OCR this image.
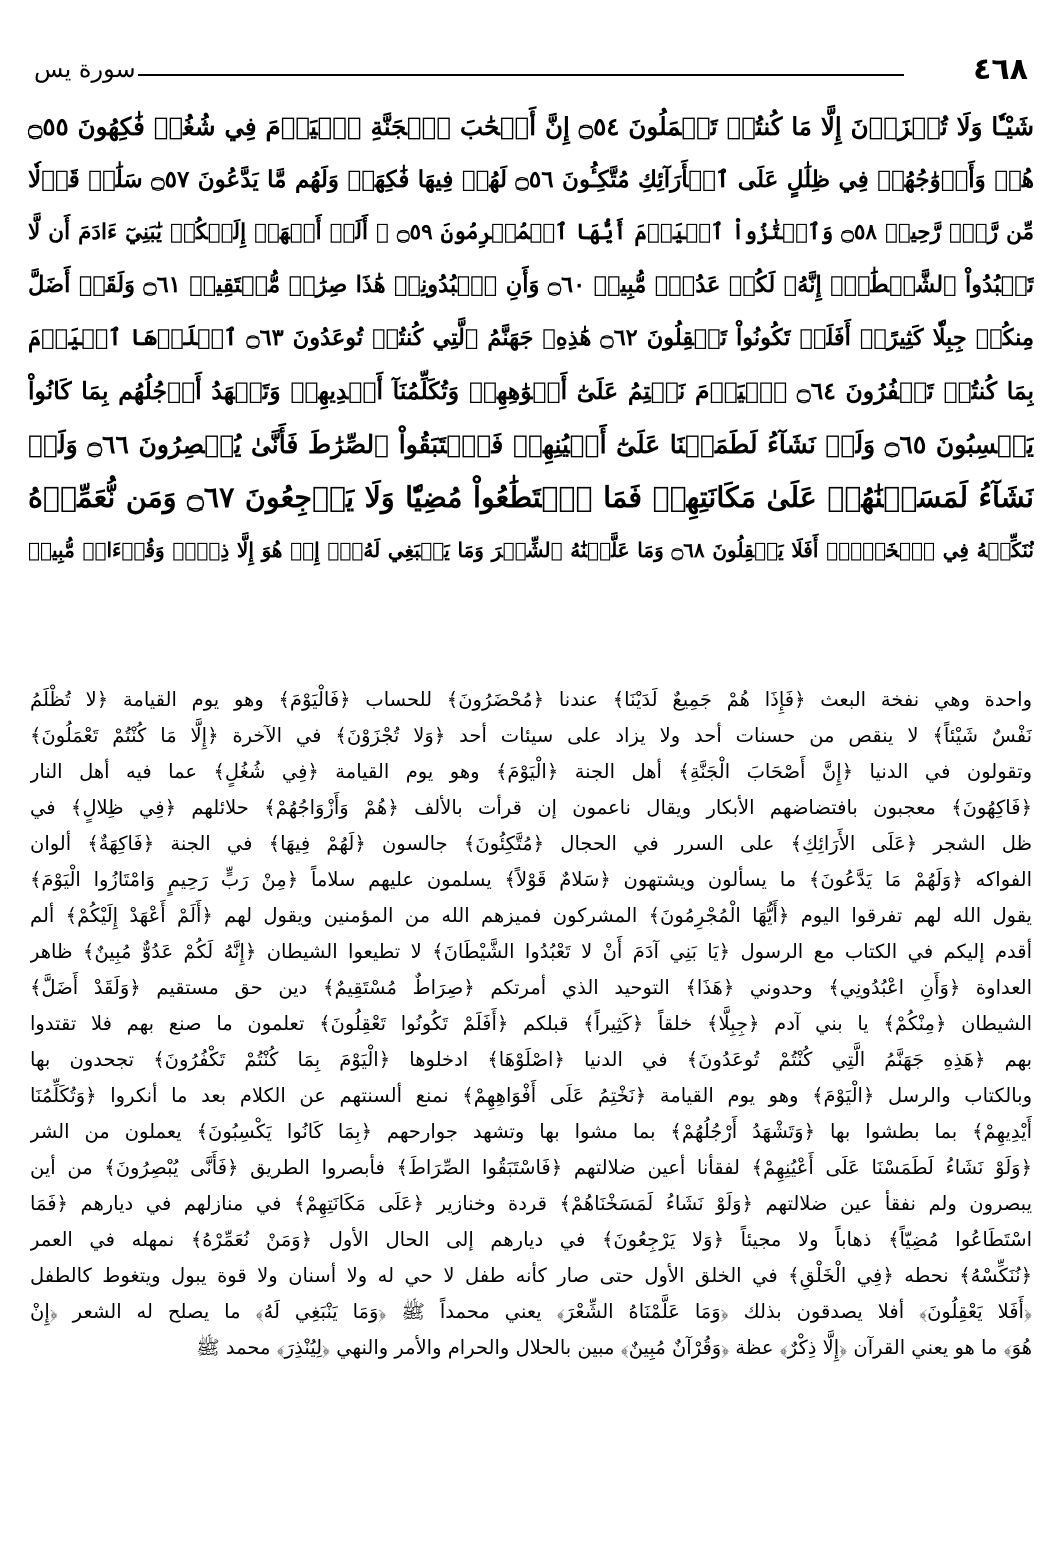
٤٦٨
سورة يس
شَيْـٔٗا وَلَا تُجۡزَوۡنَ إِلَّا مَا كُنتُمۡ تَعۡمَلُونَ ۝٥٤ إِنَّ أَصۡحَٰبَ ٱلۡجَنَّةِ ٱلۡيَوۡمَ فِي شُغُلٖ فَٰكِهُونَ ۝٥٥
هُمۡ وَأَزۡوَٰجُهُمۡ فِي ظِلَٰلٍ عَلَى ٱلۡأَرَآئِكِ مُتَّكِـُٔونَ ۝٥٦ لَهُمۡ فِيهَا فَٰكِهَةٞ وَلَهُم مَّا يَدَّعُونَ ۝٥٧ سَلَٰمٞ قَوۡلٗا
مِّن رَّبّٖ رَّحِيمٖ ۝٥٨ وَٱمۡتَٰزُواْ ٱلۡيَوۡمَ أَيُّهَا ٱلۡمُجۡرِمُونَ ۝٥٩ ۞ أَلَمۡ أَعۡهَدۡ إِلَيۡكُمۡ يَٰبَنِيٓ ءَادَمَ أَن لَّا
تَعۡبُدُواْ ٱلشَّيۡطَٰنَۖ إِنَّهُۥ لَكُمۡ عَدُوّٞ مُّبِينٞ ۝٦٠ وَأَنِ ٱعۡبُدُونِيۚ هَٰذَا صِرَٰطٞ مُّسۡتَقِيمٞ ۝٦١ وَلَقَدۡ أَضَلَّ
مِنكُمۡ جِبِلّٗا كَثِيرًاۖ أَفَلَمۡ تَكُونُواْ تَعۡقِلُونَ ۝٦٢ هَٰذِهِۦ جَهَنَّمُ ٱلَّتِي كُنتُمۡ تُوعَدُونَ ۝٦٣ ٱصۡلَوۡهَا ٱلۡيَوۡمَ
بِمَا كُنتُمۡ تَكۡفُرُونَ ۝٦٤ ٱلۡيَوۡمَ نَخۡتِمُ عَلَىٰٓ أَفۡوَٰهِهِمۡ وَتُكَلِّمُنَآ أَيۡدِيهِمۡ وَتَشۡهَدُ أَرۡجُلُهُم بِمَا كَانُواْ
يَكۡسِبُونَ ۝٦٥ وَلَوۡ نَشَآءُ لَطَمَسۡنَا عَلَىٰٓ أَعۡيُنِهِمۡ فَٱسۡتَبَقُواْ ٱلصِّرَٰطَ فَأَنَّىٰ يُبۡصِرُونَ ۝٦٦ وَلَوۡ
نَشَآءُ لَمَسَخۡنَٰهُمۡ عَلَىٰ مَكَانَتِهِمۡ فَمَا ٱسۡتَطَٰعُواْ مُضِيّٗا وَلَا يَرۡجِعُونَ ۝٦٧ وَمَن نُّعَمِّرۡهُ
نُنَكِّسۡهُ فِي ٱلۡخَلۡقِۚ أَفَلَا يَعۡقِلُونَ ۝٦٨ وَمَا عَلَّمۡنَٰهُ ٱلشِّعۡرَ وَمَا يَنۢبَغِي لَهُۥٓۚ إِنۡ هُوَ إِلَّا ذِكۡرٞ وَقُرۡءَانٞ مُّبِينٞ
واحدة وهي نفخة البعث ﴿فَإِذَا هُمْ جَمِيعٌ لَدَيْنَا﴾ عندنا ﴿مُحْضَرُونَ﴾ للحساب ﴿فَالْيَوْمَ﴾ وهو يوم القيامة ﴿لا تُظْلَمُ
نَفْسٌ شَيْئاً﴾ لا ينقص من حسنات أحد ولا يزاد على سيئات أحد ﴿وَلا تُجْزَوْنَ﴾ في الآخرة ﴿إِلَّا مَا كُنْتُمْ تَعْمَلُونَ﴾
وتقولون في الدنيا ﴿إِنَّ أَصْحَابَ الْجَنَّةِ﴾ أهل الجنة ﴿الْيَوْمَ﴾ وهو يوم القيامة ﴿فِي شُغُلٍ﴾ عما فيه أهل النار
﴿فَاكِهُونَ﴾ معجبون بافتضاضهم الأبكار ويقال ناعمون إن قرأت بالألف ﴿هُمْ وَأَزْوَاجُهُمْ﴾ حلائلهم ﴿فِي ظِلالٍ﴾ في
ظل الشجر ﴿عَلَى الأَرَائِكِ﴾ على السرر في الحجال ﴿مُتَّكِئُونَ﴾ جالسون ﴿لَهُمْ فِيهَا﴾ في الجنة ﴿فَاكِهَةٌ﴾ ألوان
الفواكه ﴿وَلَهُمْ مَا يَدَّعُونَ﴾ ما يسألون ويشتهون ﴿سَلامٌ قَوْلاً﴾ يسلمون عليهم سلاماً ﴿مِنْ رَبٍّ رَحِيمٍ وَامْتَازُوا الْيَوْمَ﴾
يقول الله لهم تفرقوا اليوم ﴿أَيُّهَا الْمُجْرِمُونَ﴾ المشركون فميزهم الله من المؤمنين ويقول لهم ﴿أَلَمْ أَعْهَدْ إِلَيْكُمْ﴾ ألم
أقدم إليكم في الكتاب مع الرسول ﴿يَا بَنِي آدَمَ أَنْ لا تَعْبُدُوا الشَّيْطَانَ﴾ لا تطيعوا الشيطان ﴿إِنَّهُ لَكُمْ عَدُوٌّ مُبِينٌ﴾ ظاهر
العداوة ﴿وَأَنِ اعْبُدُونِي﴾ وحدوني ﴿هَذَا﴾ التوحيد الذي أمرتكم ﴿صِرَاطٌ مُسْتَقِيمٌ﴾ دين حق مستقيم ﴿وَلَقَدْ أَضَلَّ﴾
الشيطان ﴿مِنْكُمْ﴾ يا بني آدم ﴿جِبِلًّا﴾ خلقاً ﴿كَثِيراً﴾ قبلكم ﴿أَفَلَمْ تَكُونُوا تَعْقِلُونَ﴾ تعلمون ما صنع بهم فلا تقتدوا
بهم ﴿هَذِهِ جَهَنَّمُ الَّتِي كُنْتُمْ تُوعَدُونَ﴾ في الدنيا ﴿اصْلَوْهَا﴾ ادخلوها ﴿الْيَوْمَ بِمَا كُنْتُمْ تَكْفُرُونَ﴾ تجحدون بها
وبالكتاب والرسل ﴿الْيَوْمَ﴾ وهو يوم القيامة ﴿نَخْتِمُ عَلَى أَفْوَاهِهِمْ﴾ نمنع ألسنتهم عن الكلام بعد ما أنكروا ﴿وَتُكَلِّمُنَا
أَيْدِيهِمْ﴾ بما بطشوا بها ﴿وَتَشْهَدُ أَرْجُلُهُمْ﴾ بما مشوا بها وتشهد جوارحهم ﴿بِمَا كَانُوا يَكْسِبُونَ﴾ يعملون من الشر
﴿وَلَوْ نَشَاءُ لَطَمَسْنَا عَلَى أَعْيُنِهِمْ﴾ لفقأنا أعين ضلالتهم ﴿فَاسْتَبَقُوا الصِّرَاطَ﴾ فأبصروا الطريق ﴿فَأَنَّى يُبْصِرُونَ﴾ من أين
يبصرون ولم نفقأ عين ضلالتهم ﴿وَلَوْ نَشَاءُ لَمَسَخْنَاهُمْ﴾ قردة وخنازير ﴿عَلَى مَكَانَتِهِمْ﴾ في منازلهم في ديارهم ﴿فَمَا
اسْتَطَاعُوا مُضِيّاً﴾ ذهاباً ولا مجيئاً ﴿وَلا يَرْجِعُونَ﴾ في ديارهم إلى الحال الأول ﴿وَمَنْ نُعَمِّرْهُ﴾ نمهله في العمر
﴿نُنَكِّسْهُ﴾ نحطه ﴿فِي الْخَلْقِ﴾ في الخلق الأول حتى صار كأنه طفل لا حي له ولا أسنان ولا قوة يبول ويتغوط كالطفل
﴿أَفَلا يَعْقِلُونَ﴾ أفلا يصدقون بذلك ﴿وَمَا عَلَّمْنَاهُ الشِّعْرَ﴾ يعني محمداً ﷺ ﴿وَمَا يَنْبَغِي لَهُ﴾ ما يصلح له الشعر ﴿إِنْ
هُوَ﴾ ما هو يعني القرآن ﴿إِلَّا ذِكْرٌ﴾ عظة ﴿وَقُرْآنٌ مُبِينٌ﴾ مبين بالحلال والحرام والأمر والنهي ﴿لِيُنْذِرَ﴾ محمد ﷺ
